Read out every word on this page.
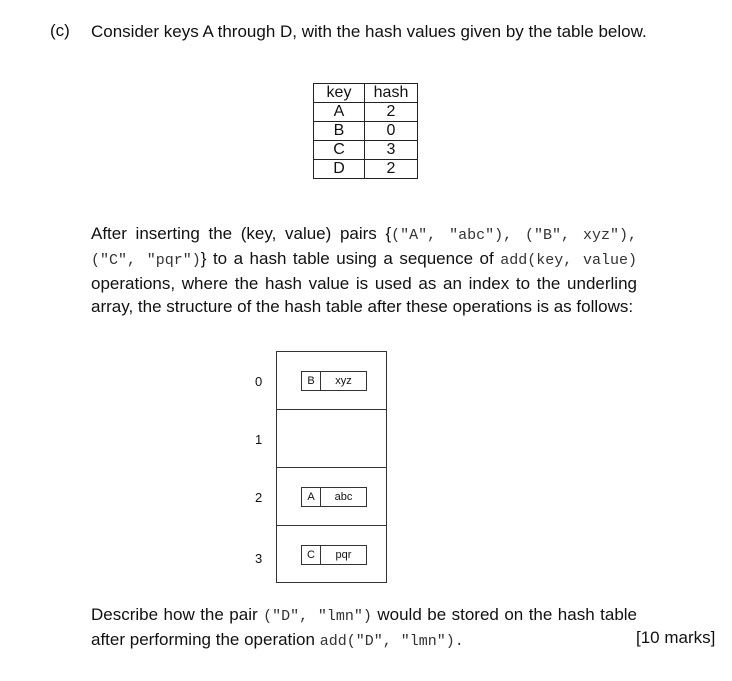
(c) Consider keys A through D, with the hash values given by the table below.
key	hash
A	2
B	0
C	3
D	2
After inserting the (key, value) pairs {("A", "abc"), ("B", xyz"), ("C", "pqr")} to a hash table using a sequence of add(key, value) operations, where the hash value is used as an index to the underling array, the structure of the hash table after these operations is as follows:
0
1
2
3
B	xyz
A	abc
C	pqr
Describe how the pair ("D", "lmn") would be stored on the hash table after performing the operation add("D", "lmn").	[10 marks]
